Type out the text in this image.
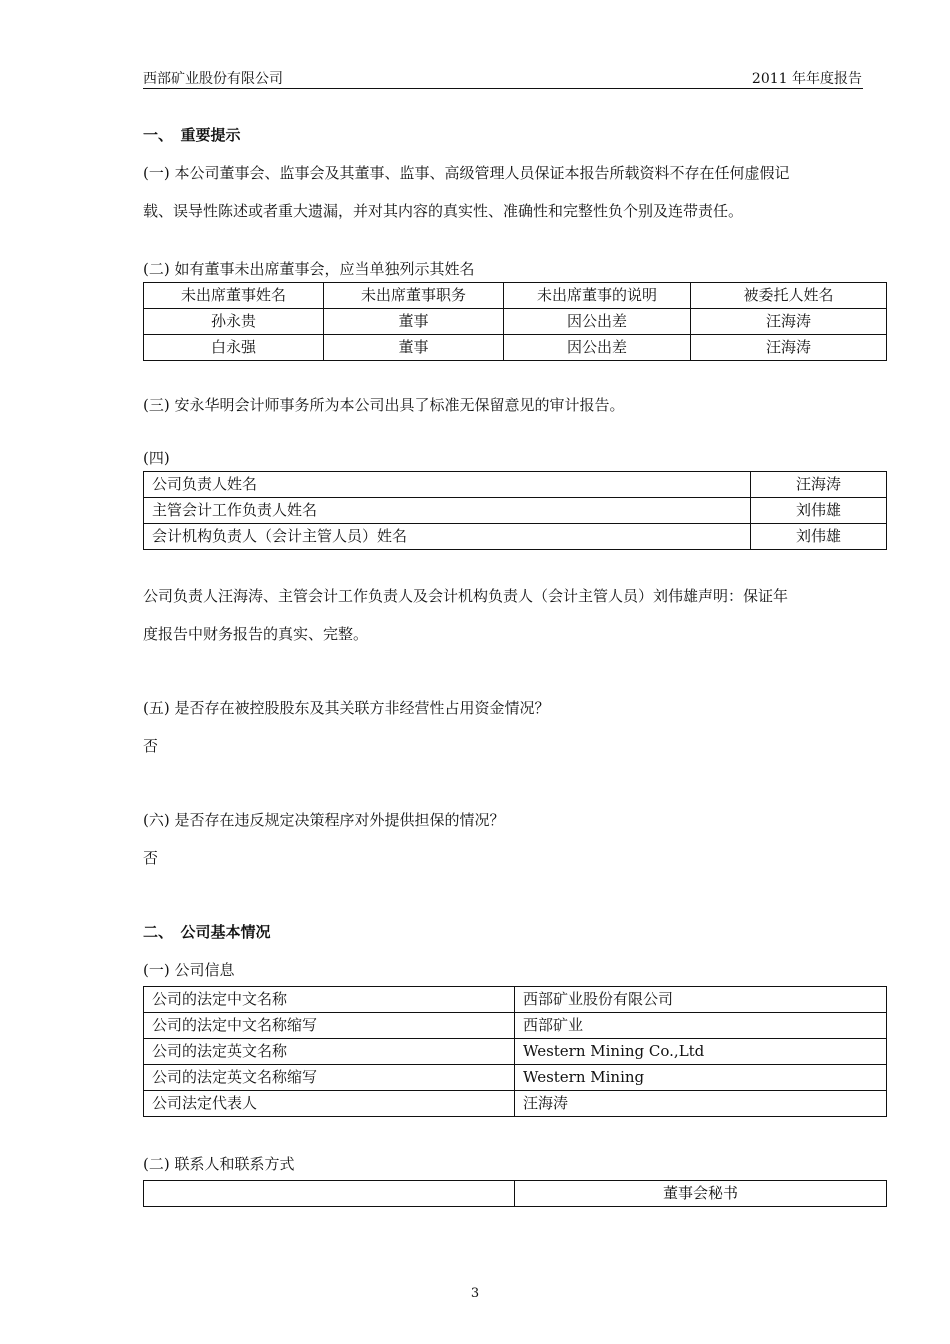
西部矿业股份有限公司	2011 年年度报告
一、　重要提示
(一) 本公司董事会、监事会及其董事、监事、高级管理人员保证本报告所载资料不存在任何虚假记
载、误导性陈述或者重大遗漏，并对其内容的真实性、准确性和完整性负个别及连带责任。
(二) 如有董事未出席董事会，应当单独列示其姓名
未出席董事姓名	未出席董事职务	未出席董事的说明	被委托人姓名
孙永贵	董事	因公出差	汪海涛
白永强	董事	因公出差	汪海涛
(三) 安永华明会计师事务所为本公司出具了标准无保留意见的审计报告。
(四)
公司负责人姓名	汪海涛
主管会计工作负责人姓名	刘伟雄
会计机构负责人（会计主管人员）姓名	刘伟雄
公司负责人汪海涛、主管会计工作负责人及会计机构负责人（会计主管人员）刘伟雄声明：保证年
度报告中财务报告的真实、完整。
(五) 是否存在被控股股东及其关联方非经营性占用资金情况？
否
(六) 是否存在违反规定决策程序对外提供担保的情况？
否
二、　公司基本情况
(一) 公司信息
公司的法定中文名称	西部矿业股份有限公司
公司的法定中文名称缩写	西部矿业
公司的法定英文名称	Western Mining Co.,Ltd
公司的法定英文名称缩写	Western Mining
公司法定代表人	汪海涛
(二) 联系人和联系方式
	董事会秘书
3
